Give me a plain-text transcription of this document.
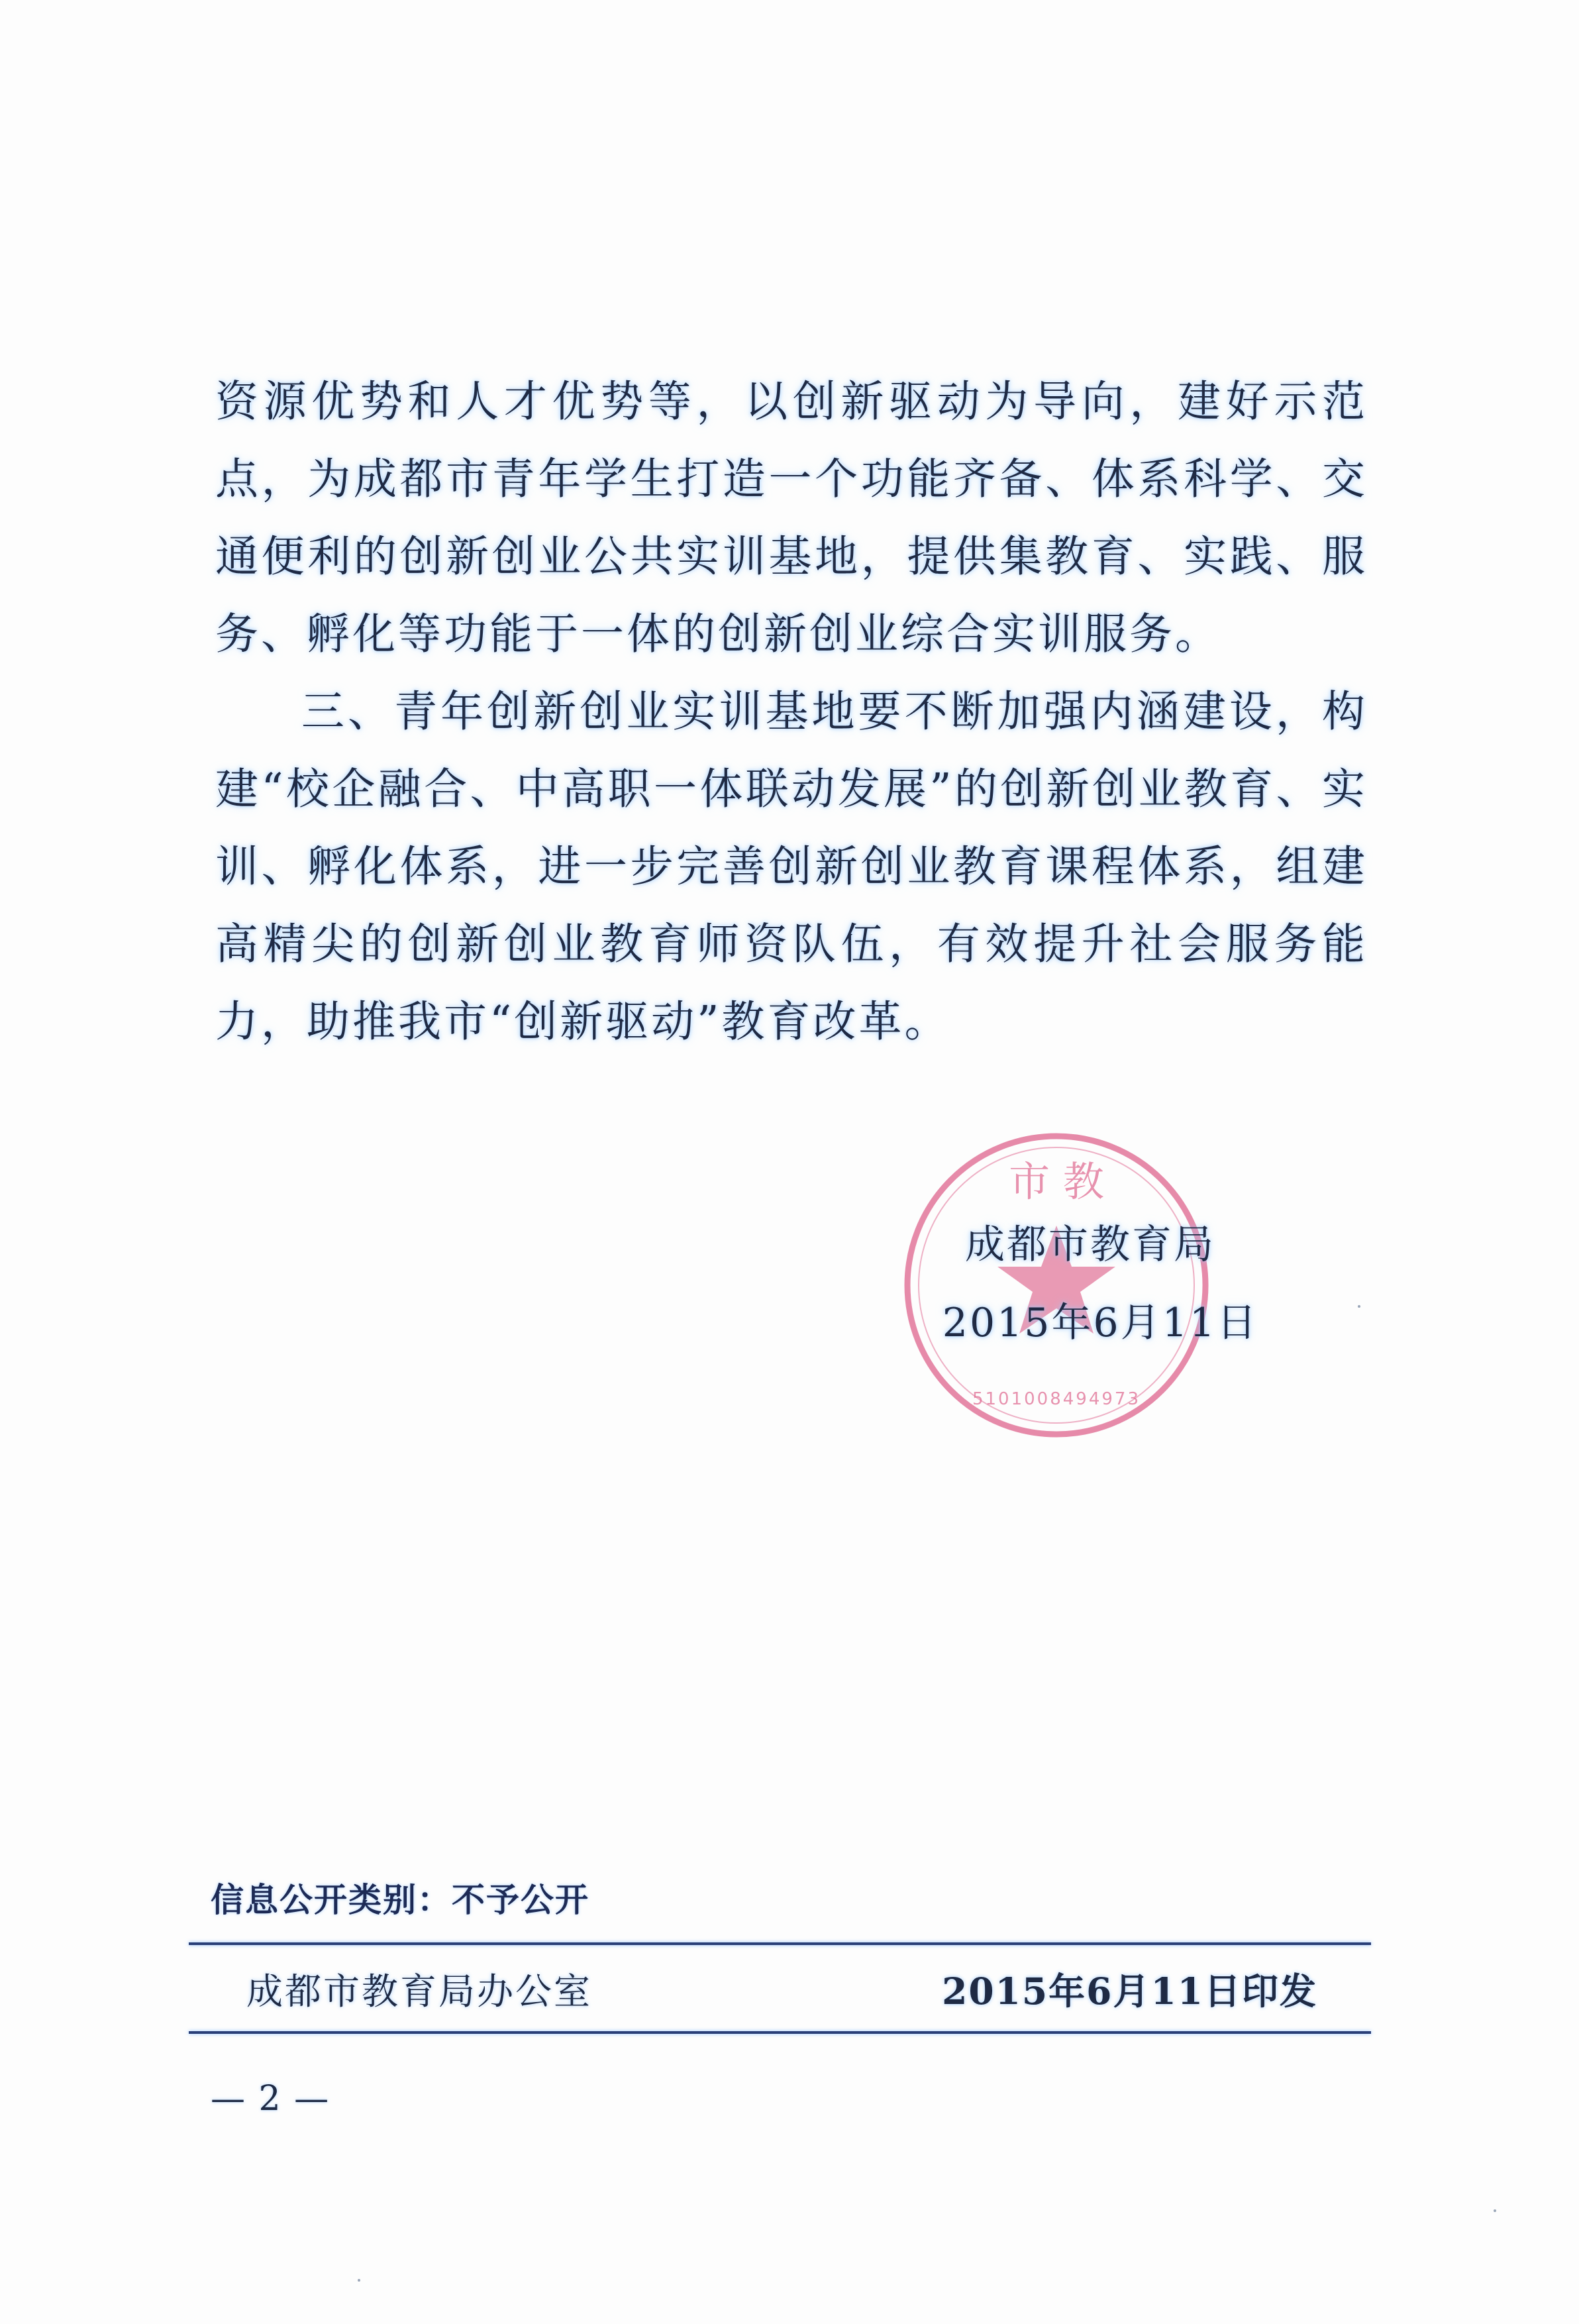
资源优势和人才优势等，以创新驱动为导向，建好示范点，为成都市青年学生打造一个功能齐备、体系科学、交通便利的创新创业公共实训基地，提供集教育、实践、服务、孵化等功能于一体的创新创业综合实训服务。

三、青年创新创业实训基地要不断加强内涵建设，构建“校企融合、中高职一体联动发展”的创新创业教育、实训、孵化体系，进一步完善创新创业教育课程体系，组建高精尖的创新创业教育师资队伍，有效提升社会服务能力，助推我市“创新驱动”教育改革。

市 教
5101008494973
成都市教育局
2015年6月11日
信息公开类别：不予公开
成都市教育局办公室	2015年6月11日印发
— 2 —
